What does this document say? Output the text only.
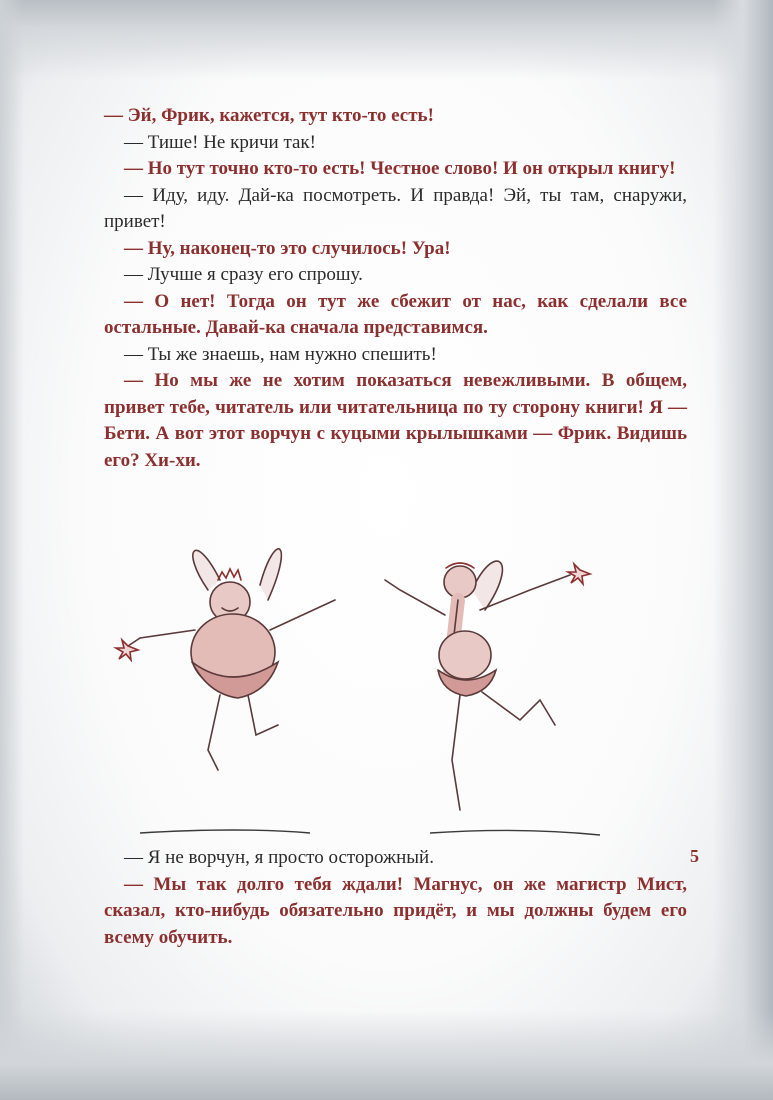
— Эй, Фрик, кажется, тут кто-то есть!

— Тише! Не кричи так!

— Но тут точно кто-то есть! Честное слово! И он открыл книгу!

— Иду, иду. Дай-ка посмотреть. И правда! Эй, ты там, снаружи, привет!

— Ну, наконец-то это случилось! Ура!

— Лучше я сразу его спрошу.

— О нет! Тогда он тут же сбежит от нас, как сделали все остальные. Давай-ка сначала представимся.

— Ты же знаешь, нам нужно спешить!

— Но мы же не хотим показаться невежливыми. В общем, привет тебе, читатель или читательница по ту сторону книги! Я — Бети. А вот этот ворчун с куцыми крылышками — Фрик. Видишь его? Хи-хи.

— Я не ворчун, я просто осторожный.

— Мы так долго тебя ждали! Магнус, он же магистр Мист, сказал, кто-нибудь обязательно придёт, и мы должны будем его всему обучить.

5
